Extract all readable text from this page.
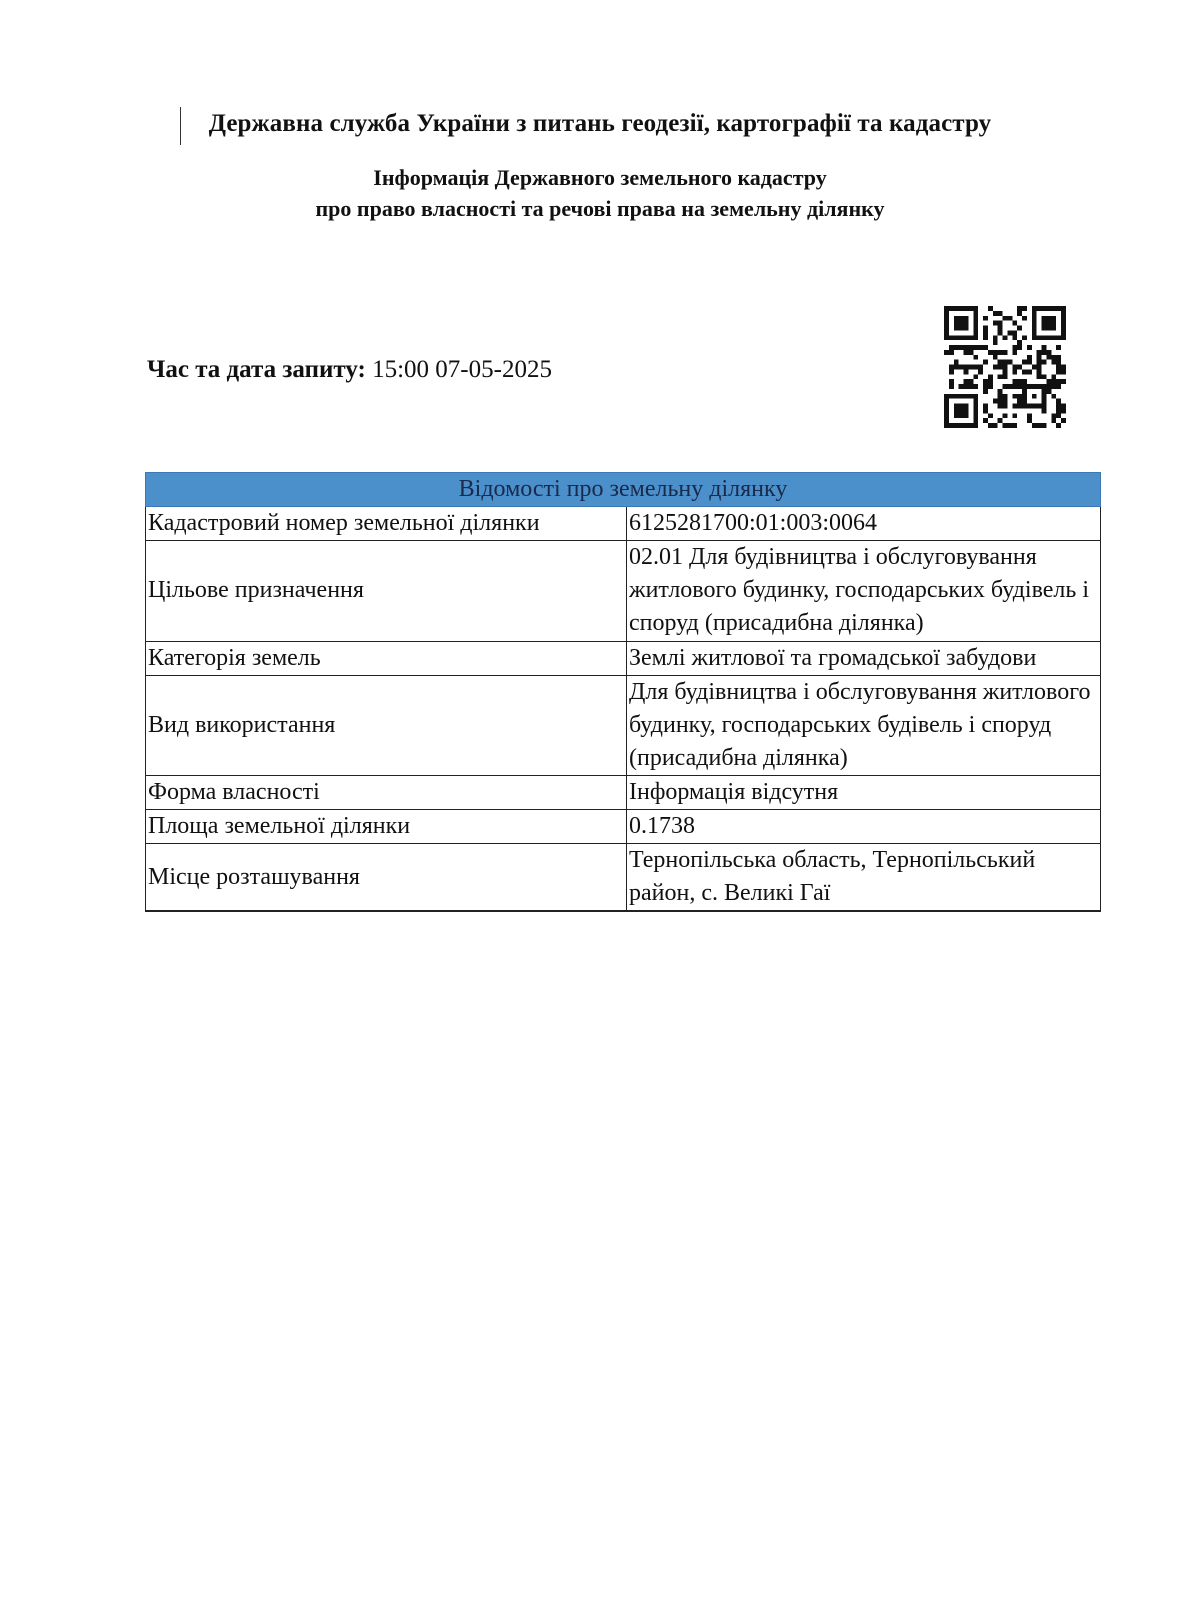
Державна служба України з питань геодезії, картографії та кадастру
Інформація Державного земельного кадастру
про право власності та речові права на земельну ділянку
Час та дата запиту: 15:00 07-05-2025
Відомості про земельну ділянку	
Кадастровий номер земельної ділянки	6125281700:01:003:0064
Цільове призначення	02.01 Для будівництва і обслуговування житлового будинку, господарських будівель і споруд (присадибна ділянка)
Категорія земель	Землі житлової та громадської забудови
Вид використання	Для будівництва і обслуговування житлового будинку, господарських будівель і споруд (присадибна ділянка)
Форма власності	Інформація відсутня
Площа земельної ділянки	0.1738
Місце розташування	Тернопільська область, Тернопільський район, с. Великі Гаї
